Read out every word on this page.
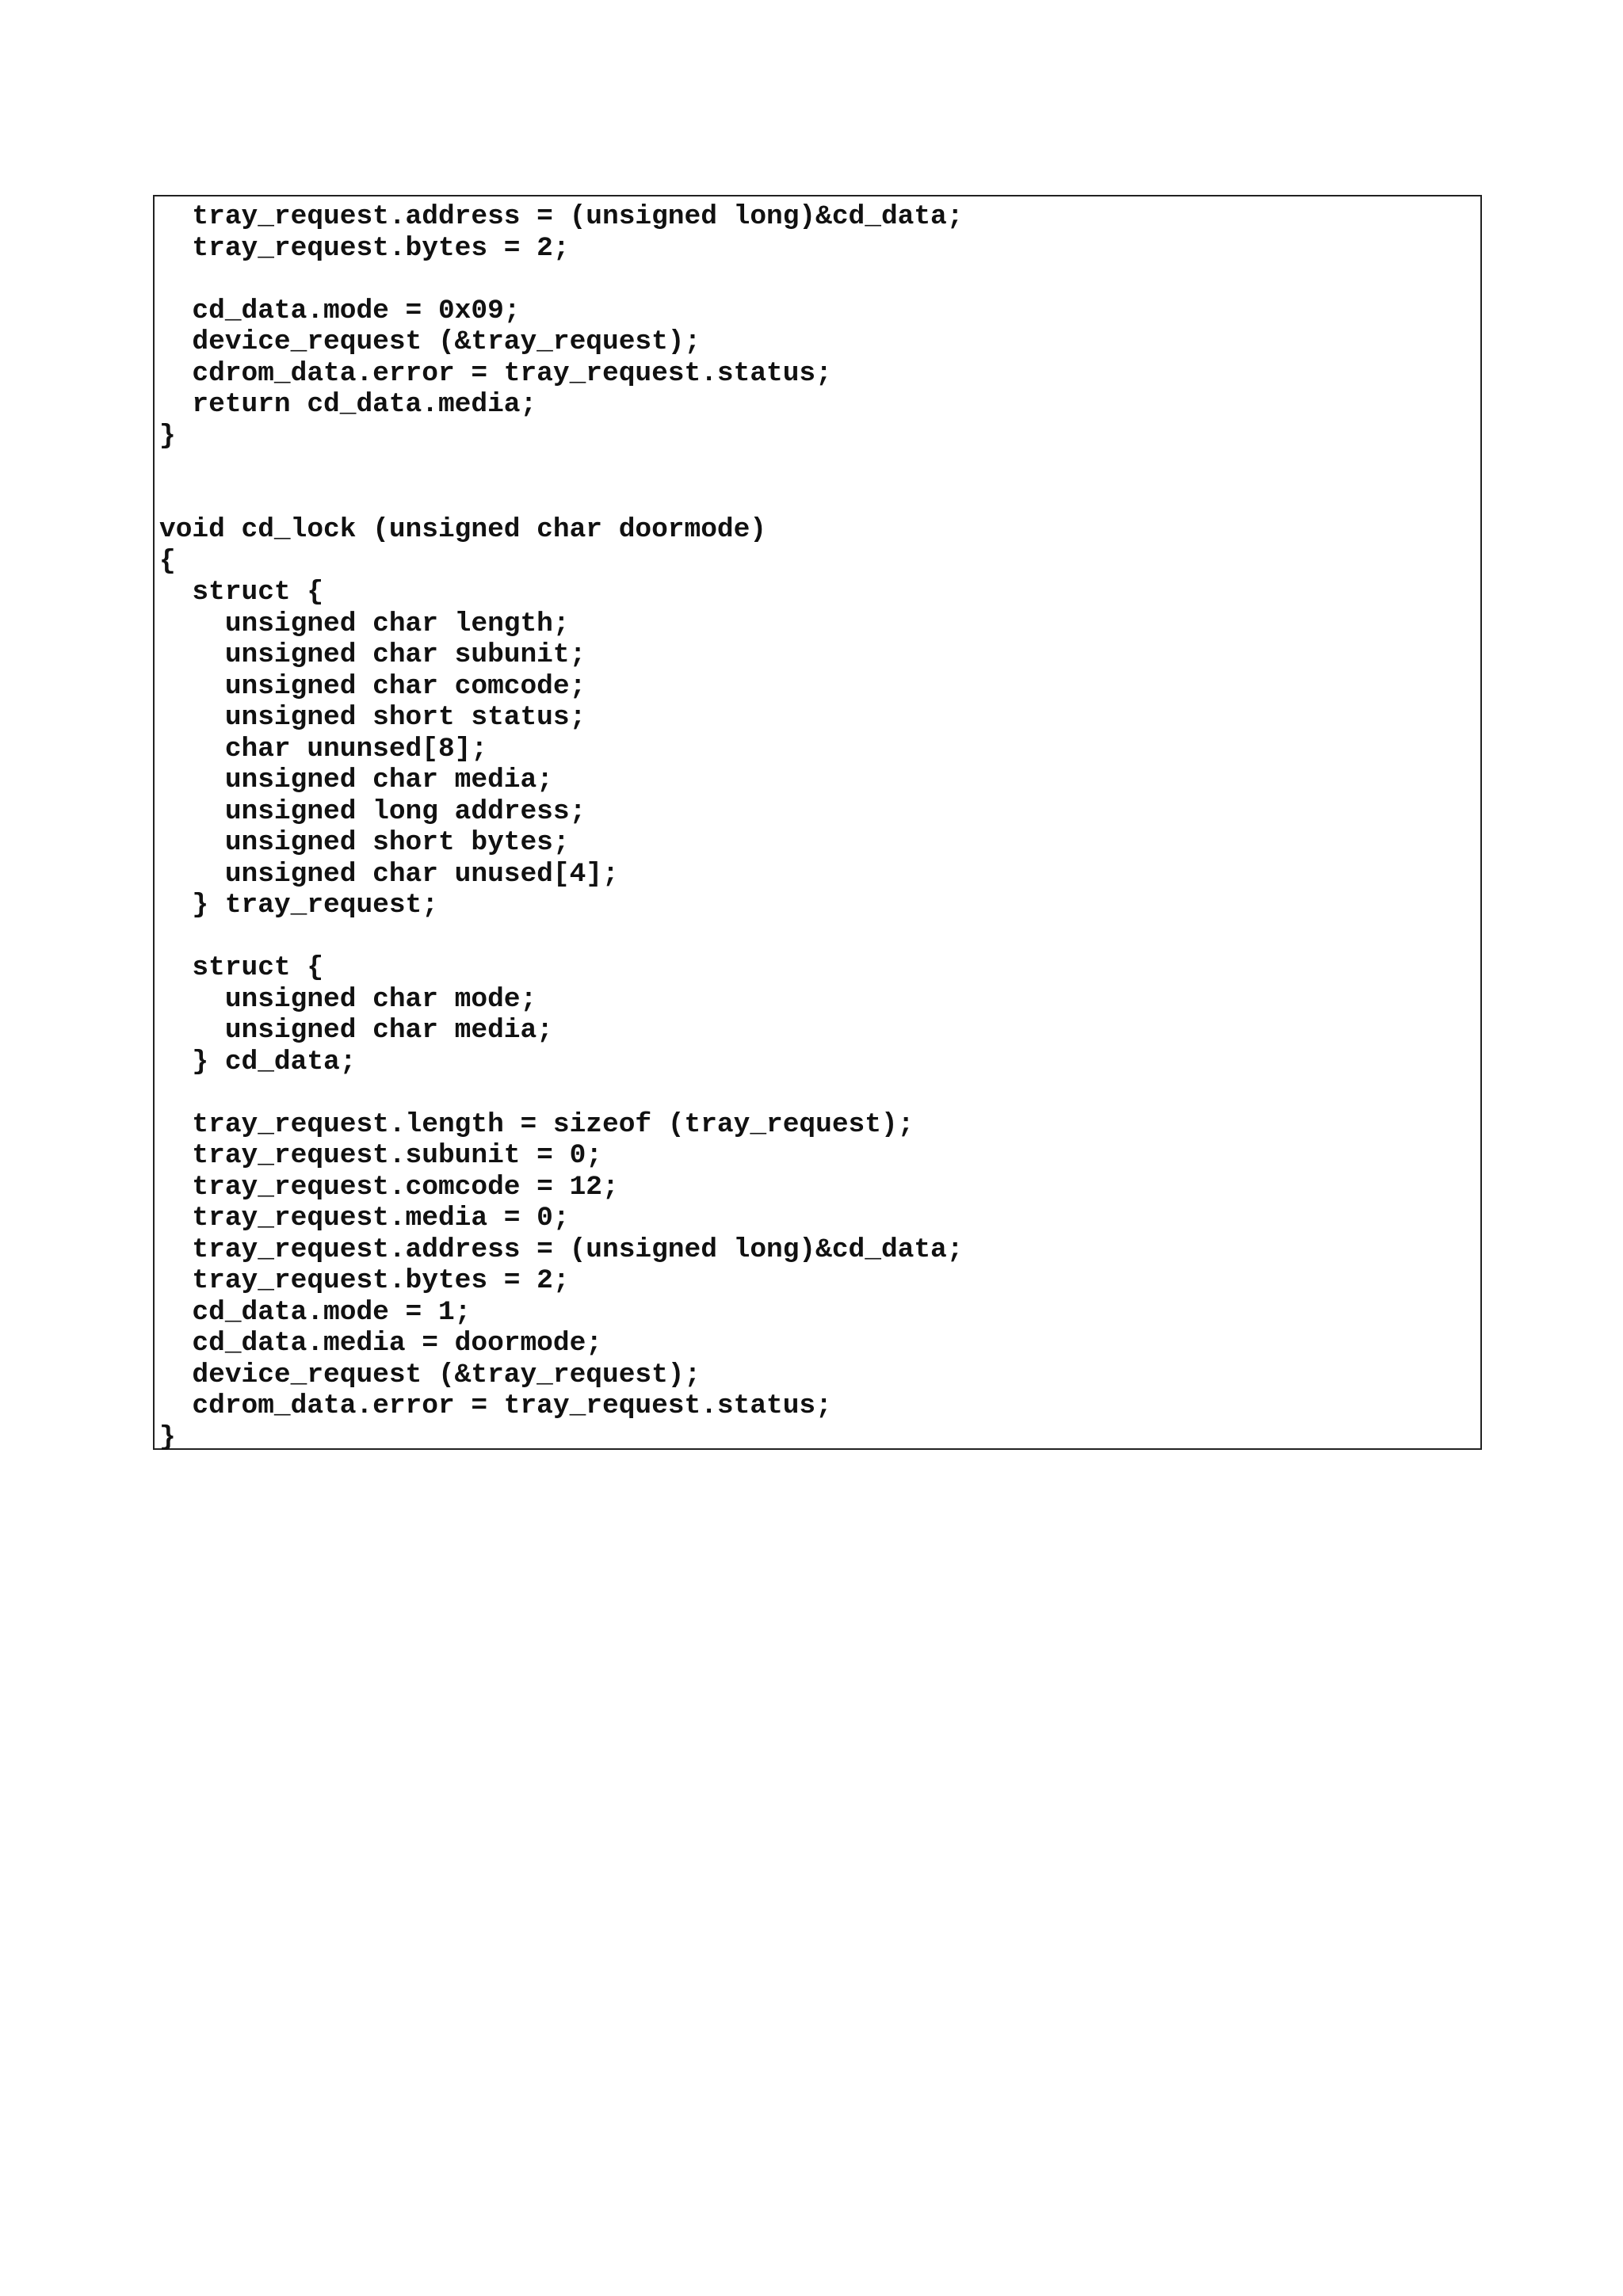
tray_request.address = (unsigned long)&cd_data;
tray_request.bytes = 2;
cd_data.mode = 0x09;
device_request (&tray_request);
cdrom_data.error = tray_request.status;
return cd_data.media;
}
void cd_lock (unsigned char doormode)
{
struct {
unsigned char length;
unsigned char subunit;
unsigned char comcode;
unsigned short status;
char ununsed[8];
unsigned char media;
unsigned long address;
unsigned short bytes;
unsigned char unused[4];
} tray_request;
struct {
unsigned char mode;
unsigned char media;
} cd_data;
tray_request.length = sizeof (tray_request);
tray_request.subunit = 0;
tray_request.comcode = 12;
tray_request.media = 0;
tray_request.address = (unsigned long)&cd_data;
tray_request.bytes = 2;
cd_data.mode = 1;
cd_data.media = doormode;
device_request (&tray_request);
cdrom_data.error = tray_request.status;
}
